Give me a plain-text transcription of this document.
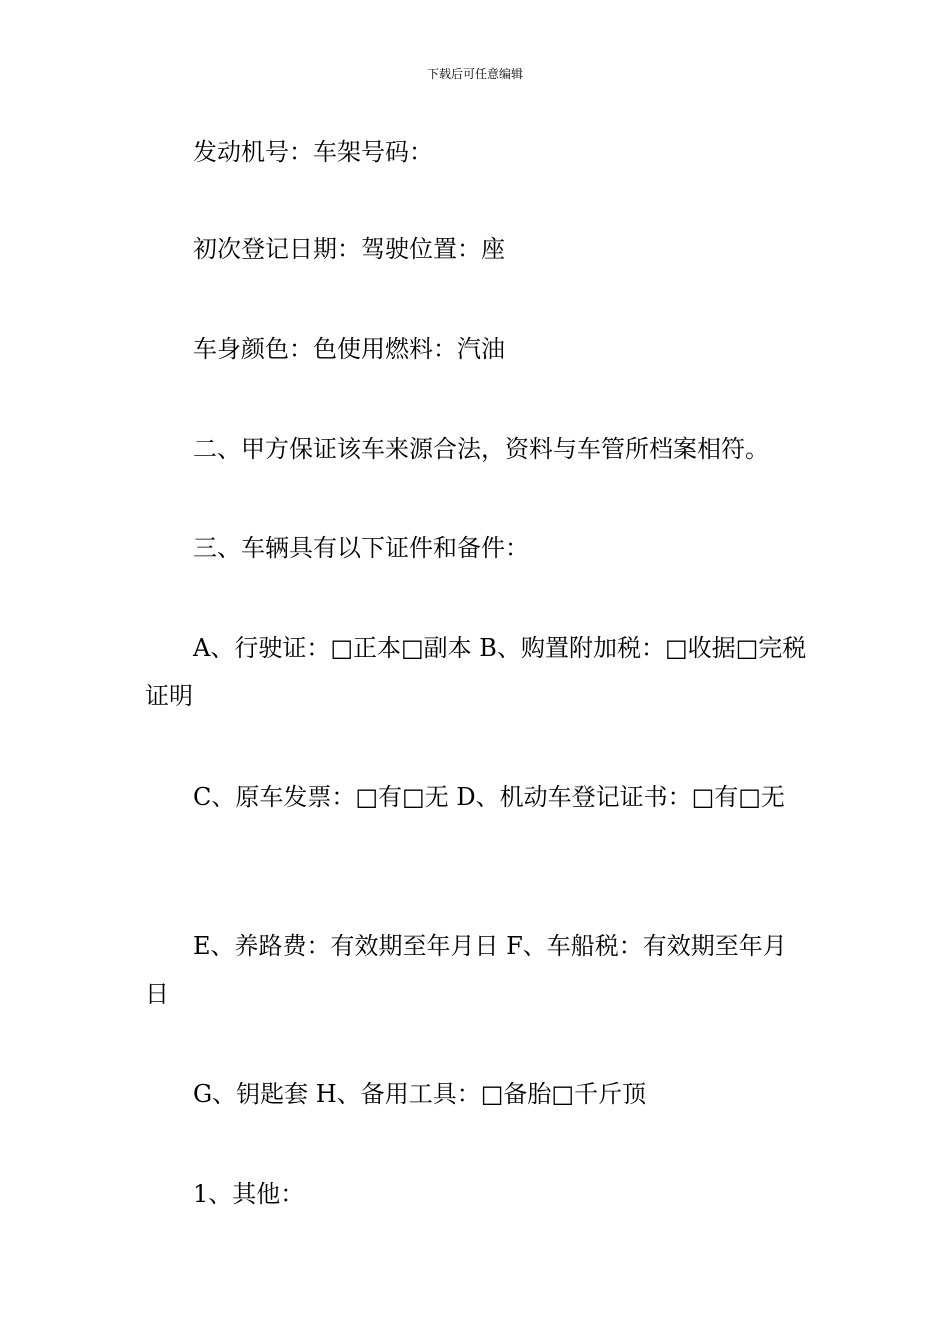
下载后可任意编辑

发动机号：车架号码：

初次登记日期：驾驶位置：座

车身颜色：色使用燃料：汽油

二、甲方保证该车来源合法，资料与车管所档案相符。

三、车辆具有以下证件和备件：

A、行驶证：□正本□副本 B、购置附加税：□收据□完税证明

C、原车发票：□有□无 D、机动车登记证书：□有□无

E、养路费：有效期至年月日 F、车船税：有效期至年月日

G、钥匙套 H、备用工具：□备胎□千斤顶

1、其他：
